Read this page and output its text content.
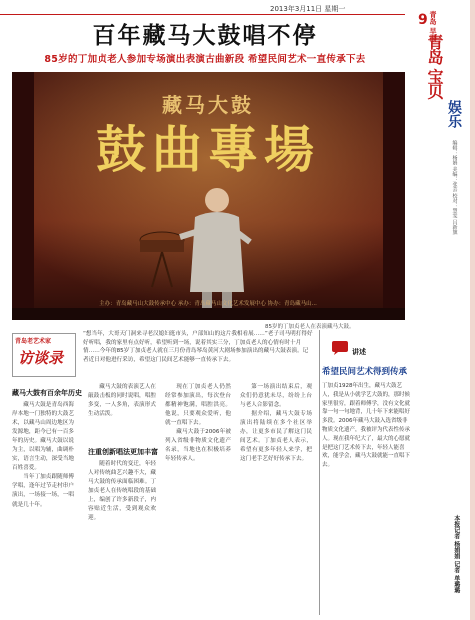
2013年3月11日 星期一
百年藏马大鼓唱不停
85岁的丁加贞老人参加专场演出表演古曲新段 希望民间艺术一直传承下去
藏马大鼓
鼓曲專場
主办：青岛藏马山大鼓传承中心 承办：青岛藏马山文化艺术发展中心 协办：青岛藏马山...
85岁的丁加贞老人在表演藏马大鼓。
9 青岛 早报
青岛 宝贝
娱乐
编辑：杨娟 美编：张芸 校对：慧雯 吕新旗
本报记者 杨娟娟 记者 单璐璐
青岛老艺术家
访谈录
“想当年，大哥天门洞来寻老汉媳妇逛市头，户部知山的这片我相看展……”老子司马明打得好好听唱，我的家里有点好听，希望听到一场，说着其实三分，丁加贞老人的心情有时十月情……今年的85岁丁加贞老人就在三月份青岛琴岛黄河大剧场参加演出的藏马大鼓表演。记者近日对他进行采访，希望这门民间艺术能够一直传承下去。
讲述
希望民间艺术得到传承
丁加贞1928年出生，藏马大鼓艺人，我是从小就学艺大鼓的，那时候家里很穷，跟着师傅学，没有文化就靠一句一句地背，几十年下来能唱好多段。2006年藏马大鼓入选省级非物质文化遗产，我被评为代表性传承人。现在我年纪大了，最大的心愿就是把这门艺术传下去，年轻人能喜欢，能学会，藏马大鼓就能一直唱下去。
藏马大鼓有百余年历史

藏马大鼓是青岛西海岸本地一门独特的大鼓艺术，以藏马山周边地区为发源地，距今已有一百多年的历史。藏马大鼓以说为主，以唱为辅，曲调朴实，语言生动，深受当地百姓喜爱。

当年丁加贞跟随师傅学唱，逢年过节走村串户演出，一场接一场，一唱就是几十年。

藏马大鼓的表演艺人在敲鼓击板的同时说唱，唱腔多变，一人多角，表演形式生动活泼。

注重创新唱法更加丰富

随着时代的变迁，年轻人对传统曲艺兴趣不大，藏马大鼓的传承面临困难。丁加贞老人在传统唱段的基础上，编创了许多新段子，内容贴近生活，受到观众欢迎。

现在丁加贞老人仍然经常参加演出，每次登台都精神饱满，唱腔洪亮。他说，只要观众爱听，他就一直唱下去。

藏马大鼓于2006年被列入省级非物质文化遗产名录，当地也在积极培养年轻传承人。

第一场演出结束后，观众们仍意犹未尽，纷纷上台与老人合影留念。

据介绍，藏马大鼓专场演出将陆续在多个社区举办，让更多市民了解这门民间艺术。丁加贞老人表示，希望有更多年轻人来学，把这门老手艺好好传承下去。
